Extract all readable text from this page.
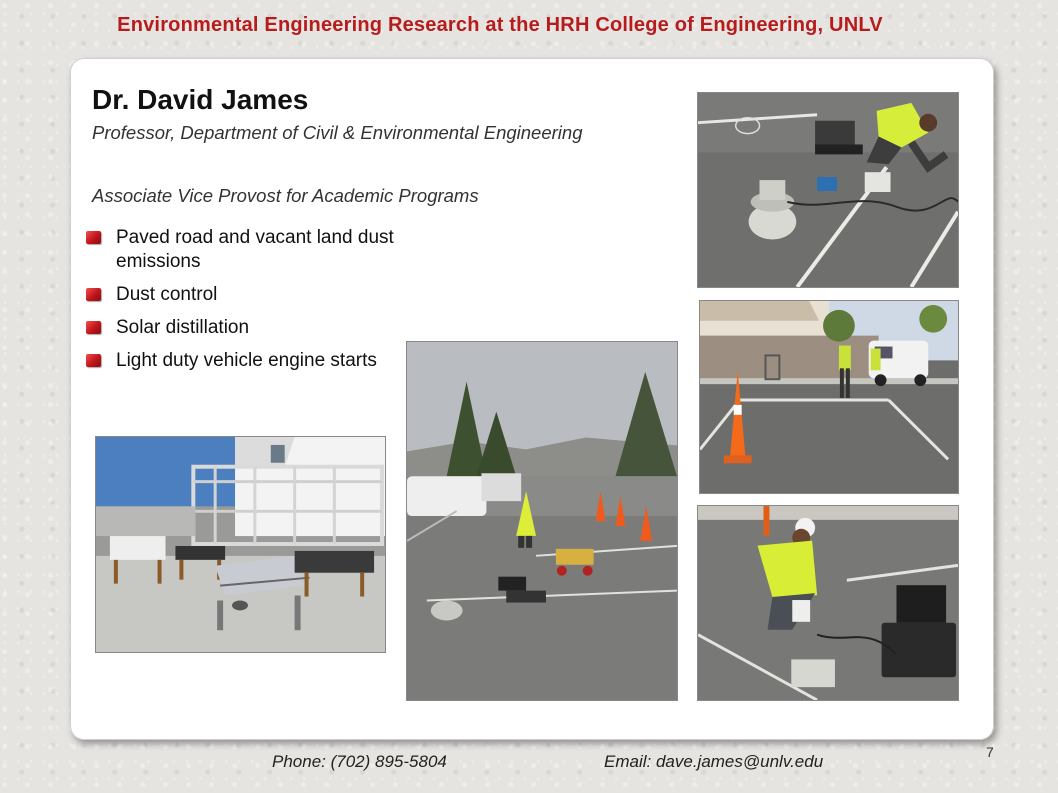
Environmental Engineering Research at the HRH College of Engineering, UNLV
Dr. David James
Professor, Department of Civil & Environmental Engineering
Associate Vice Provost for Academic Programs
Paved road and vacant land dust emissions
Dust control
Solar distillation
Light duty vehicle engine starts
Phone: (702) 895-5804	Email: dave.james@unlv.edu	7
